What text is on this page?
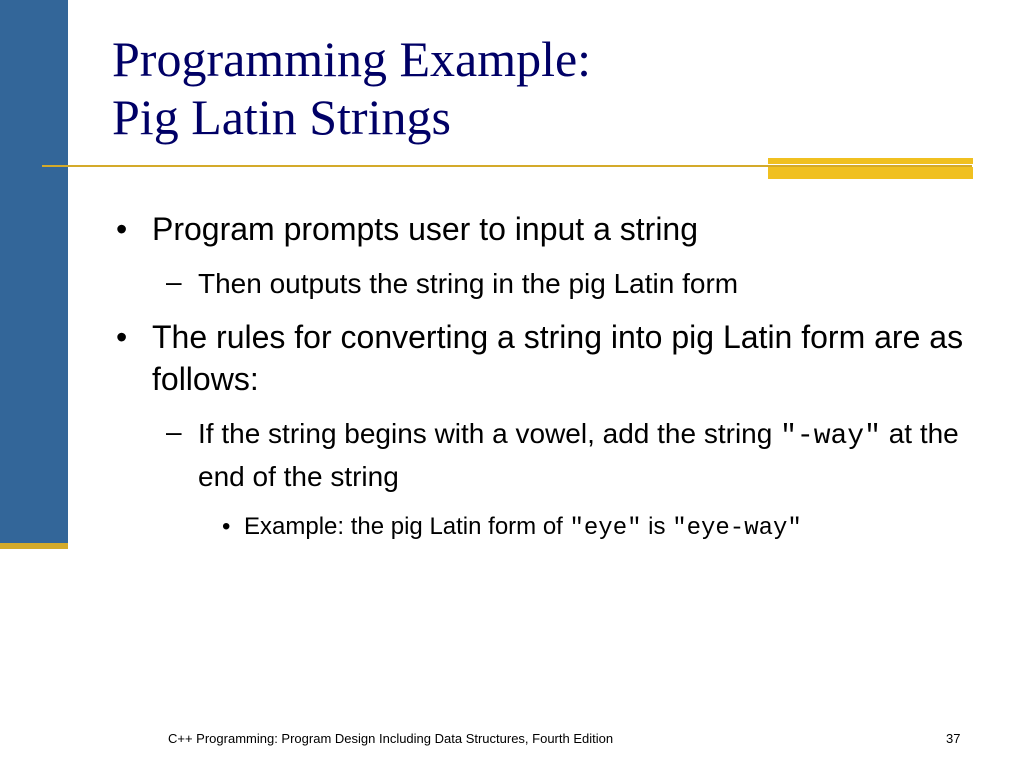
Programming Example:
Pig Latin Strings
• Program prompts user to input a string
– Then outputs the string in the pig Latin form
• The rules for converting a string into pig Latin form are as follows:
– If the string begins with a vowel, add the string "-way" at the end of the string
• Example: the pig Latin form of "eye" is "eye-way"
C++ Programming: Program Design Including Data Structures, Fourth Edition	37
